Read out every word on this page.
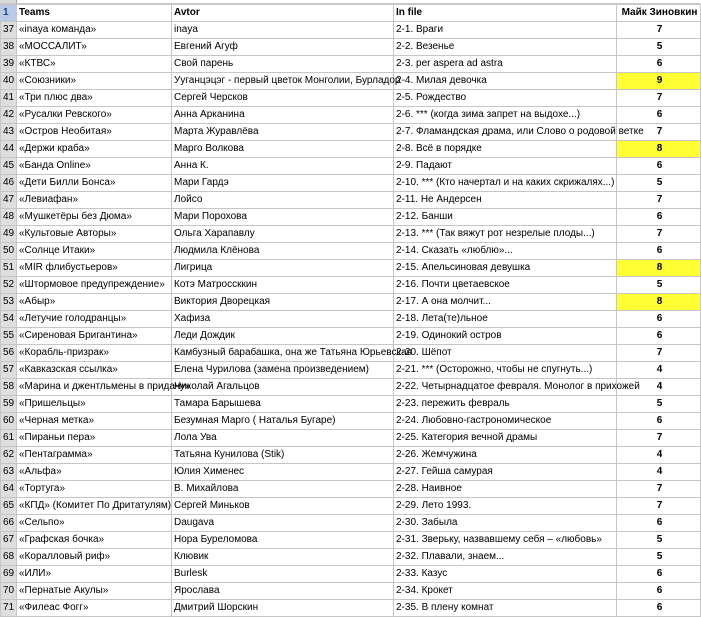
1	Teams	Avtor	In file	Майк Зиновкин
37	«inaya команда»	inaya	2-1. Враги	7
38	«МОССАЛИТ»	Евгений Агуф	2-2. Везенье	5
39	«КТВС»	Свой парень	2-3. per aspera ad astra	6
40	«Союзники»	Ууганцэцэг - первый цветок Монголии, Бурладор	2-4. Милая девочка	9
41	«Три плюс два»	Сергей Черсков	2-5. Рождество	7
42	«Русалки Ревского»	Анна Арканина	2-6. *** (когда зима запрет на выдохе...)	6
43	«Остров Необитая»	Марта Журавлёва	2-7. Фламандская драма, или Слово о родовой ветке	7
44	«Держи краба»	Марго Волкова	2-8. Всё в порядке	8
45	«Банда Online»	Анна К.	2-9. Падают	6
46	«Дети Билли Бонса»	Мари Гардэ	2-10. *** (Кто начертал и на каких скрижалях...)	5
47	«Левиафан»	Лойсо	2-11. Не Андерсен	7
48	«Мушкетёры без Дюма»	Мари Порохова	2-12. Банши	6
49	«Культовые Авторы»	Ольга Харапавлу	2-13. *** (Так вяжут рот незрелые плоды...)	7
50	«Солнце Итаки»	Людмила Клёнова	2-14. Сказать «люблю»...	6
51	«MIR флибустьеров»	Лигрица	2-15. Апельсиновая девушка	8
52	«Штормовое предупреждение»	Котэ Матроссккин	2-16. Почти цветаевское	5
53	«Абыр»	Виктория Дворецкая	2-17. А она молчит...	8
54	«Летучие голодранцы»	Хафиза	2-18. Лета(те)льное	6
55	«Сиреновая Бригантина»	Леди Дождик	2-19. Одинокий остров	6
56	«Корабль-призрак»	Камбузный барабашка, она же Татьяна Юрьевская	2-20. Шёпот	7
57	«Кавказская ссылка»	Елена Чурилова (замена произведением)	2-21. *** (Осторожно, чтобы не спугнуть...)	4
58	«Марина и джентльмены в придачу»	Николай Агальцов	2-22. Четырнадцатое февраля. Монолог в прихожей	4
59	«Пришельцы»	Тамара Барышева	2-23. пережить февраль	5
60	«Черная метка»	Безумная Марго ( Наталья Бугаре)	2-24. Любовно-гастрономическое	6
61	«Пираньи пера»	Лола Ува	2-25. Категория вечной драмы	7
62	«Пентаграмма»	Татьяна Кунилова (Stik)	2-26. Жемчужина	4
63	«Альфа»	Юлия Хименес	2-27. Гейша самурая	4
64	«Тортуга»	В. Михайлова	2-28. Наивное	7
65	«КПД» (Комитет По Дритатулям)	Сергей Миньков	2-29. Лето 1993.	7
66	«Сельпо»	Daugava	2-30. Забыла	6
67	«Графская бочка»	Нора Буреломова	2-31. Зверьку, назвавшему себя – «любовь»	5
68	«Коралловый риф»	Клювик	2-32. Плавали, знаем...	5
69	«ИЛИ»	Burlesk	2-33. Казус	6
70	«Пернатые Акулы»	Ярослава	2-34. Крокет	6
71	«Филеас Фогг»	Дмитрий Шорскин	2-35. В плену комнат	6
